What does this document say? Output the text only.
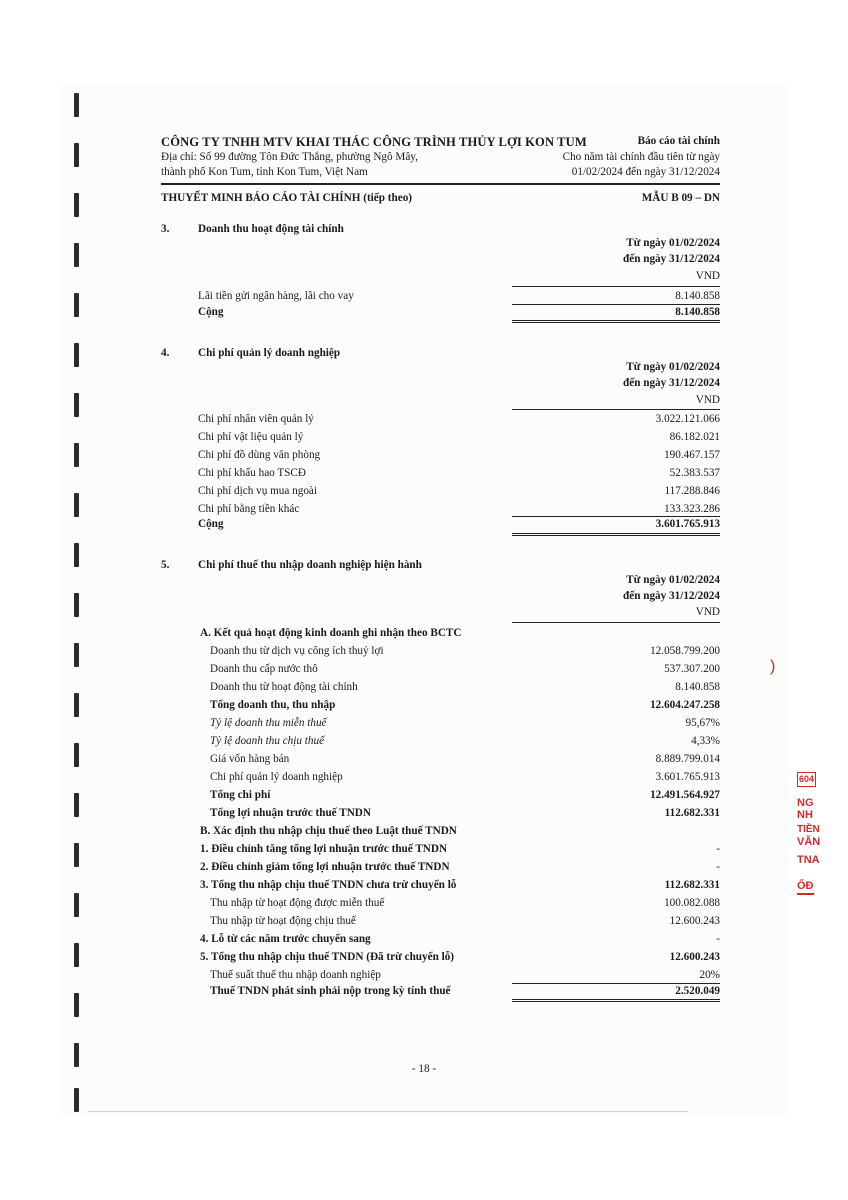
CÔNG TY TNHH MTV KHAI THÁC CÔNG TRÌNH THỦY LỢI KON TUM
Địa chỉ: Số 99 đường Tôn Đức Thắng, phường Ngô Mây,
thành phố Kon Tum, tỉnh Kon Tum, Việt Nam
Báo cáo tài chính
Cho năm tài chính đầu tiên từ ngày
01/02/2024 đến ngày 31/12/2024
THUYẾT MINH BÁO CÁO TÀI CHÍNH (tiếp theo)	MẪU B 09 – DN
3.	Doanh thu hoạt động tài chính
Từ ngày 01/02/2024
đến ngày 31/12/2024
VND
Lãi tiền gửi ngân hàng, lãi cho vay	8.140.858
Cộng	8.140.858
4.	Chi phí quản lý doanh nghiệp
Từ ngày 01/02/2024
đến ngày 31/12/2024
VND
Chi phí nhân viên quản lý	3.022.121.066
Chi phí vật liệu quản lý	86.182.021
Chi phí đồ dùng văn phòng	190.467.157
Chi phí khấu hao TSCĐ	52.383.537
Chi phí dịch vụ mua ngoài	117.288.846
Chi phí bằng tiền khác	133.323.286
Cộng	3.601.765.913
5.	Chi phí thuế thu nhập doanh nghiệp hiện hành
Từ ngày 01/02/2024
đến ngày 31/12/2024
VND
A. Kết quả hoạt động kinh doanh ghi nhận theo BCTC
Doanh thu từ dịch vụ công ích thuỷ lợi	12.058.799.200
Doanh thu cấp nước thô	537.307.200
Doanh thu từ hoạt động tài chính	8.140.858
Tổng doanh thu, thu nhập	12.604.247.258
Tỷ lệ doanh thu miễn thuế	95,67%
Tỷ lệ doanh thu chịu thuế	4,33%
Giá vốn hàng bán	8.889.799.014
Chi phí quản lý doanh nghiệp	3.601.765.913
Tổng chi phí	12.491.564.927
Tổng lợi nhuận trước thuế TNDN	112.682.331
B. Xác định thu nhập chịu thuế theo Luật thuế TNDN
1. Điều chỉnh tăng tổng lợi nhuận trước thuế TNDN	-
2. Điều chỉnh giảm tổng lợi nhuận trước thuế TNDN	-
3. Tổng thu nhập chịu thuế TNDN chưa trừ chuyển lỗ	112.682.331
Thu nhập từ hoạt động được miễn thuế	100.082.088
Thu nhập từ hoạt động chịu thuế	12.600.243
4. Lỗ từ các năm trước chuyển sang	-
5. Tổng thu nhập chịu thuế TNDN (Đã trừ chuyển lỗ)	12.600.243
Thuế suất thuế thu nhập doanh nghiệp	20%
Thuế TNDN phát sinh phải nộp trong kỳ tính thuế	2.520.049
- 18 -
604
NG
NH
TIỀN
VĂN
TNA
ỐĐ
)
